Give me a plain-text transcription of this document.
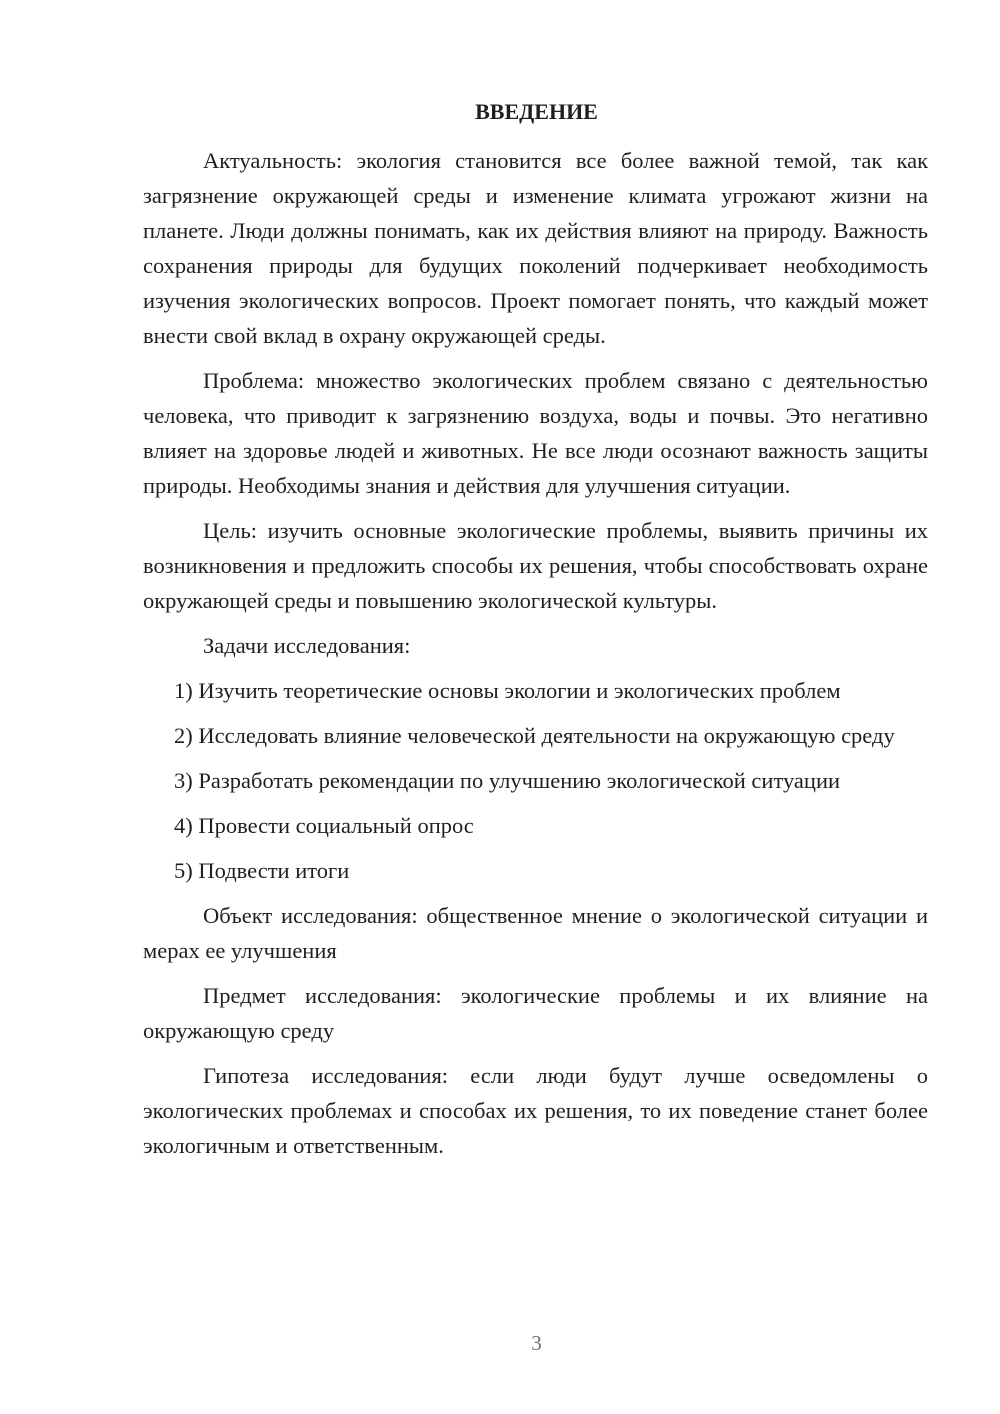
ВВЕДЕНИЕ

Актуальность: экология становится все более важной темой, так как загрязнение окружающей среды и изменение климата угрожают жизни на планете. Люди должны понимать, как их действия влияют на природу. Важность сохранения природы для будущих поколений подчеркивает необходимость изучения экологических вопросов. Проект помогает понять, что каждый может внести свой вклад в охрану окружающей среды.

Проблема: множество экологических проблем связано с деятельностью человека, что приводит к загрязнению воздуха, воды и почвы. Это негативно влияет на здоровье людей и животных. Не все люди осознают важность защиты природы. Необходимы знания и действия для улучшения ситуации.

Цель: изучить основные экологические проблемы, выявить причины их возникновения и предложить способы их решения, чтобы способствовать охране окружающей среды и повышению экологической культуры.

Задачи исследования:

1) Изучить теоретические основы экологии и экологических проблем

2) Исследовать влияние человеческой деятельности на окружающую среду

3) Разработать рекомендации по улучшению экологической ситуации

4) Провести социальный опрос

5) Подвести итоги

Объект исследования: общественное мнение о экологической ситуации и мерах ее улучшения

Предмет исследования: экологические проблемы и их влияние на окружающую среду

Гипотеза исследования: если люди будут лучше осведомлены о экологических проблемах и способах их решения, то их поведение станет более экологичным и ответственным.

3
